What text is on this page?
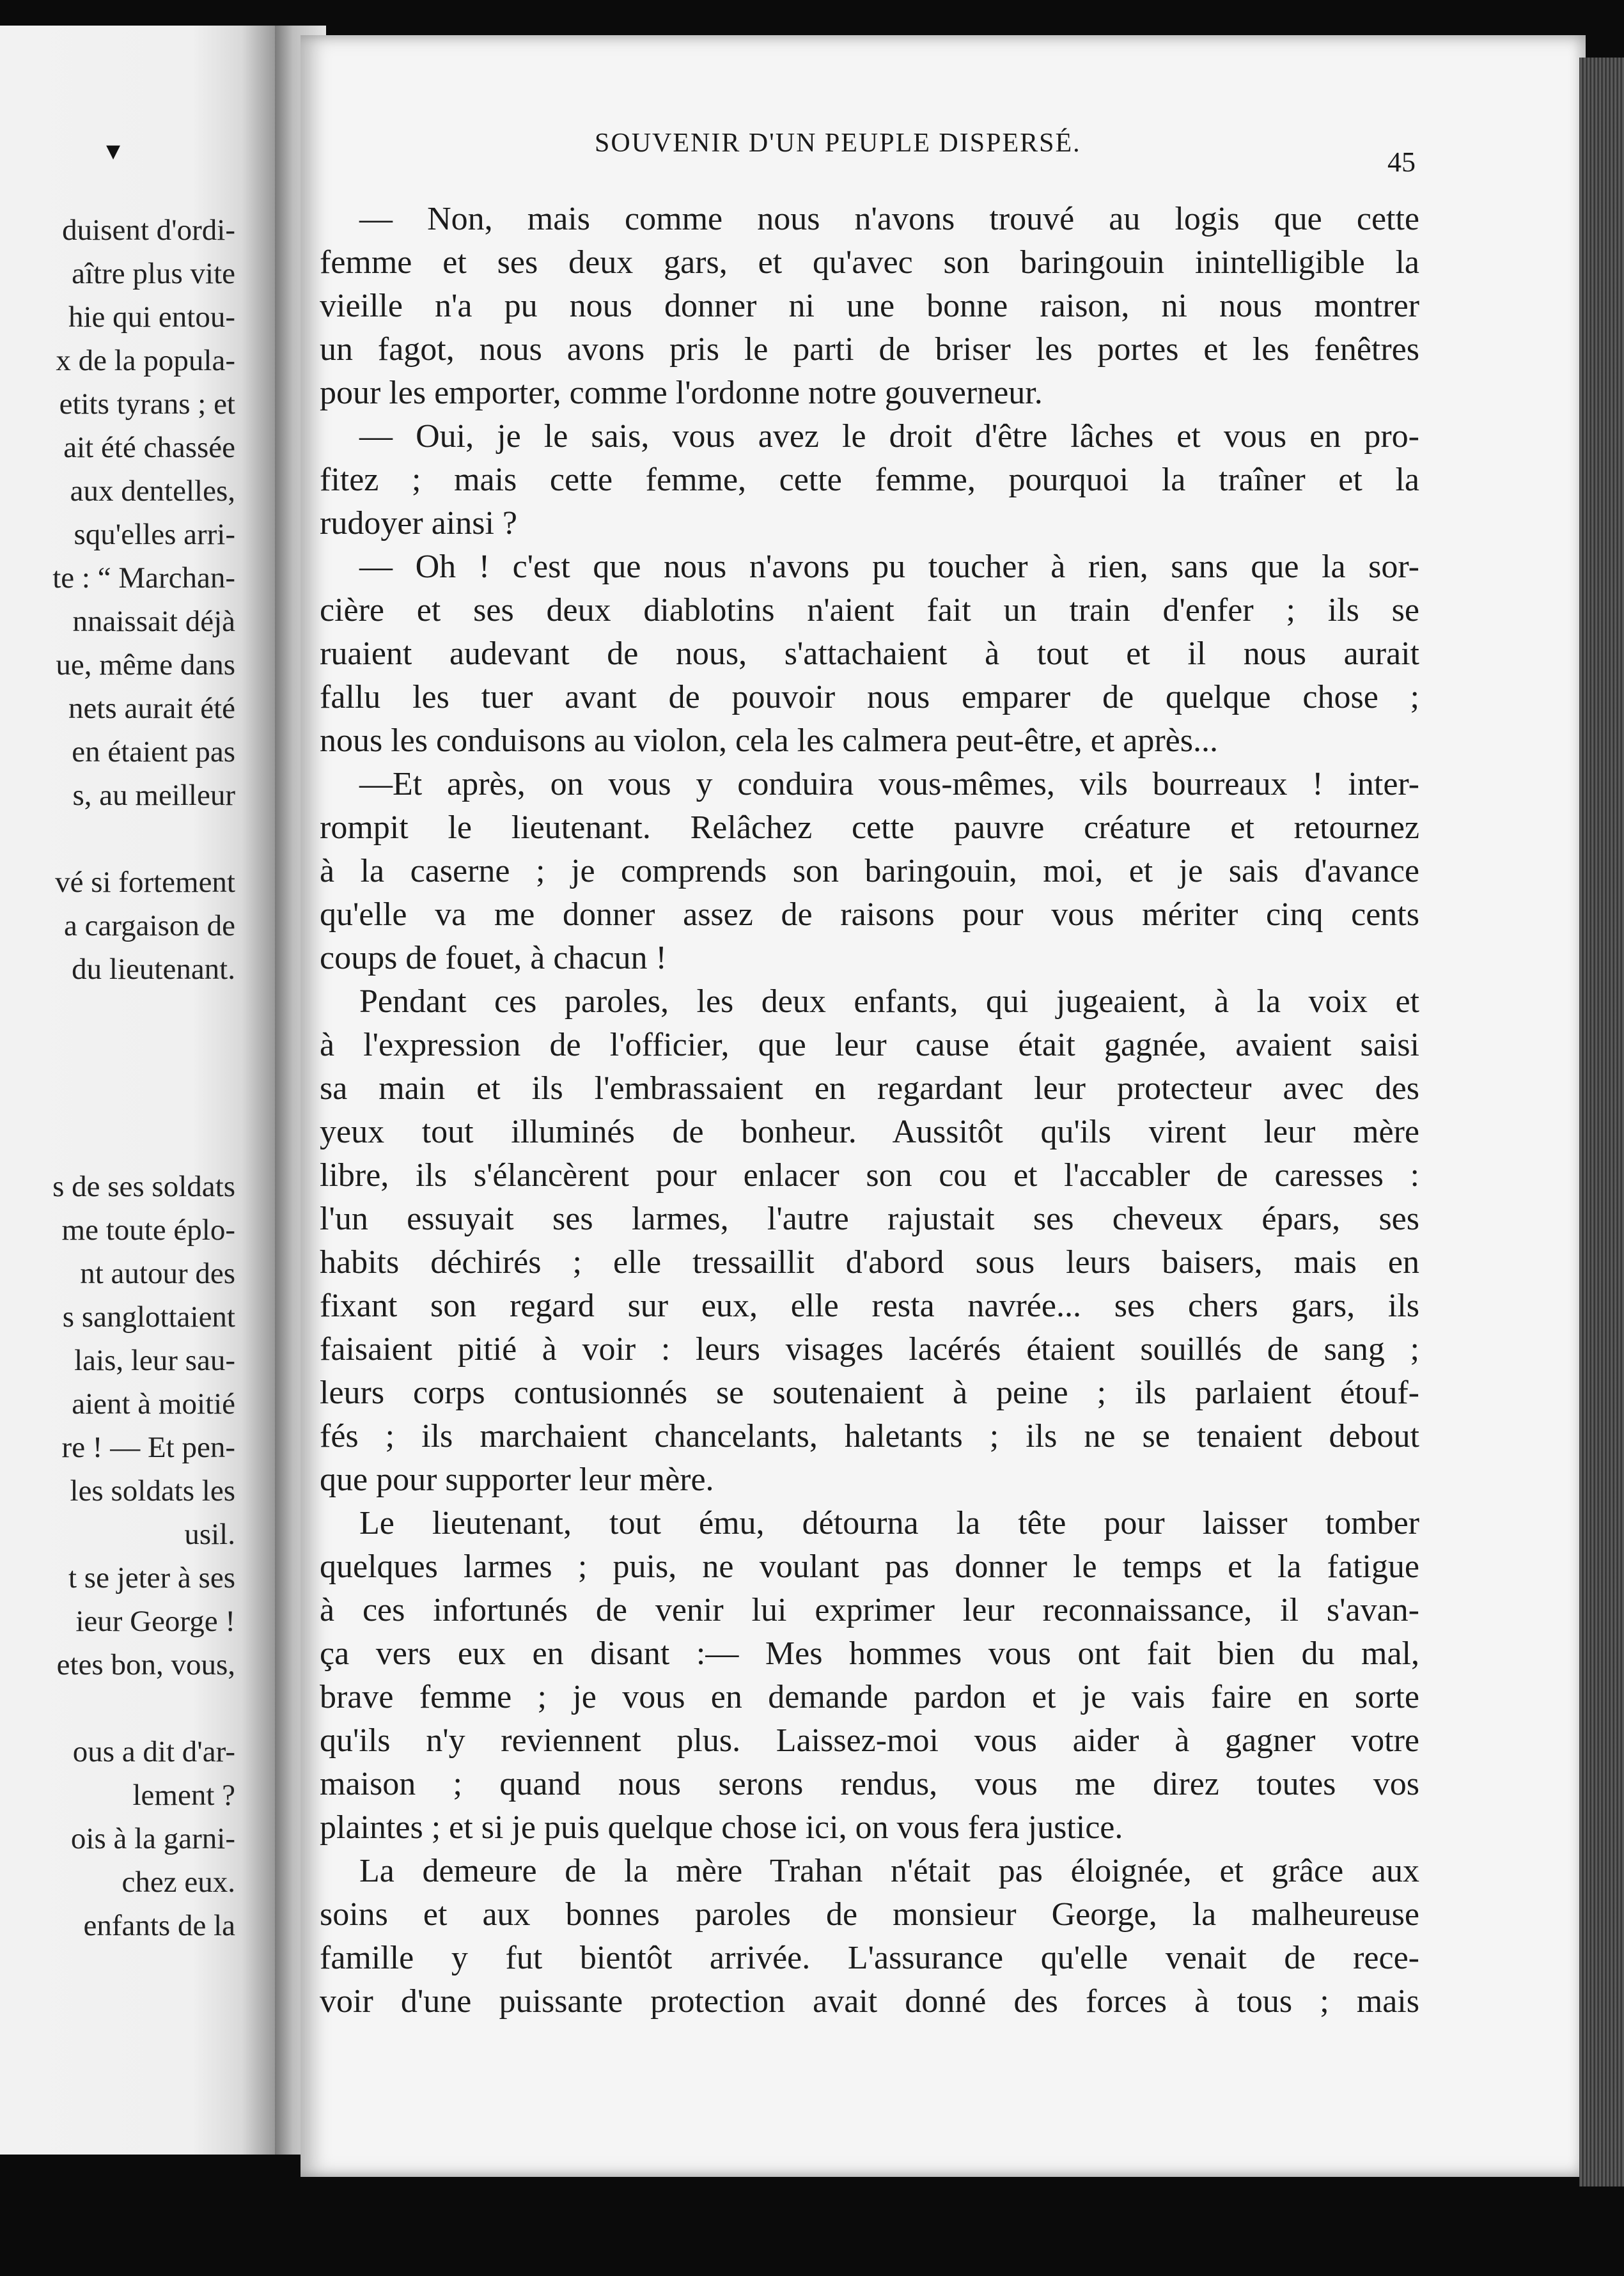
▾
duisent d'ordi-
aître plus vite
hie qui entou-
x de la popula-
etits tyrans ; et
ait été chassée
aux dentelles,
squ'elles arri-
te : “ Marchan-
nnaissait déjà
ue, même dans
nets aurait été
en étaient pas
s, au meilleur
vé si fortement
a cargaison de
du lieutenant.
s de ses soldats
me toute éplo-
nt autour des
s sanglottaient
lais, leur sau-
aient à moitié
re ! — Et pen-
les soldats les
usil.
t se jeter à ses
ieur George !
etes bon, vous,
ous a dit d'ar-
lement ?
ois à la garni-
chez eux.
enfants de la
SOUVENIR D'UN PEUPLE DISPERSÉ.
45
— Non, mais comme nous n'avons trouvé au logis que cette
femme et ses deux gars, et qu'avec son baringouin inintelligible la
vieille n'a pu nous donner ni une bonne raison, ni nous montrer
un fagot, nous avons pris le parti de briser les portes et les fenêtres
pour les emporter, comme l'ordonne notre gouverneur.
— Oui, je le sais, vous avez le droit d'être lâches et vous en pro-
fitez ; mais cette femme, cette femme, pourquoi la traîner et la
rudoyer ainsi ?
— Oh ! c'est que nous n'avons pu toucher à rien, sans que la sor-
cière et ses deux diablotins n'aient fait un train d'enfer ; ils se
ruaient audevant de nous, s'attachaient à tout et il nous aurait
fallu les tuer avant de pouvoir nous emparer de quelque chose ;
nous les conduisons au violon, cela les calmera peut-être, et après...
—Et après, on vous y conduira vous-mêmes, vils bourreaux ! inter-
rompit le lieutenant. Relâchez cette pauvre créature et retournez
à la caserne ; je comprends son baringouin, moi, et je sais d'avance
qu'elle va me donner assez de raisons pour vous mériter cinq cents
coups de fouet, à chacun !
Pendant ces paroles, les deux enfants, qui jugeaient, à la voix et
à l'expression de l'officier, que leur cause était gagnée, avaient saisi
sa main et ils l'embrassaient en regardant leur protecteur avec des
yeux tout illuminés de bonheur. Aussitôt qu'ils virent leur mère
libre, ils s'élancèrent pour enlacer son cou et l'accabler de caresses :
l'un essuyait ses larmes, l'autre rajustait ses cheveux épars, ses
habits déchirés ; elle tressaillit d'abord sous leurs baisers, mais en
fixant son regard sur eux, elle resta navrée... ses chers gars, ils
faisaient pitié à voir : leurs visages lacérés étaient souillés de sang ;
leurs corps contusionnés se soutenaient à peine ; ils parlaient étouf-
fés ; ils marchaient chancelants, haletants ; ils ne se tenaient debout
que pour supporter leur mère.
Le lieutenant, tout ému, détourna la tête pour laisser tomber
quelques larmes ; puis, ne voulant pas donner le temps et la fatigue
à ces infortunés de venir lui exprimer leur reconnaissance, il s'avan-
ça vers eux en disant :— Mes hommes vous ont fait bien du mal,
brave femme ; je vous en demande pardon et je vais faire en sorte
qu'ils n'y reviennent plus. Laissez-moi vous aider à gagner votre
maison ; quand nous serons rendus, vous me direz toutes vos
plaintes ; et si je puis quelque chose ici, on vous fera justice.
La demeure de la mère Trahan n'était pas éloignée, et grâce aux
soins et aux bonnes paroles de monsieur George, la malheureuse
famille y fut bientôt arrivée. L'assurance qu'elle venait de rece-
voir d'une puissante protection avait donné des forces à tous ; mais
